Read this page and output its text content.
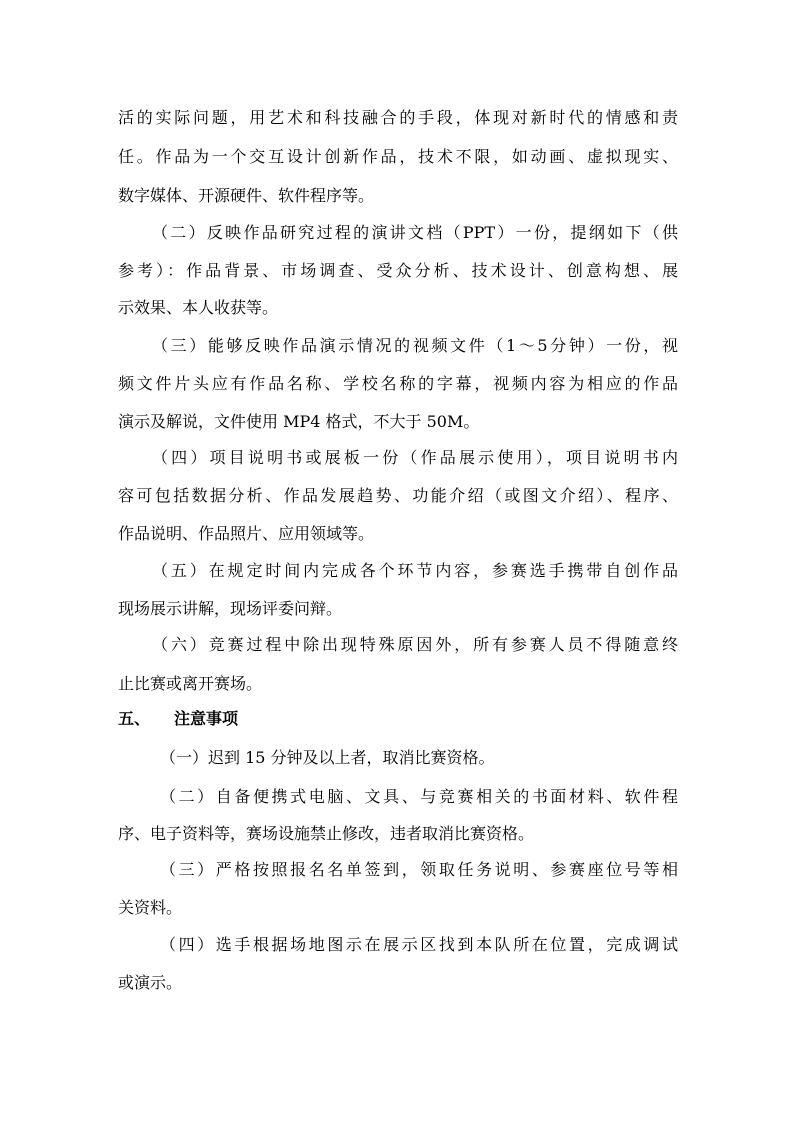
活的实际问题，用艺术和科技融合的手段，体现对新时代的情感和责
任。作品为一个交互设计创新作品，技术不限，如动画、虚拟现实、
数字媒体、开源硬件、软件程序等。
（二）反映作品研究过程的演讲文档（PPT）一份，提纲如下（供
参考）：作品背景、市场调查、受众分析、技术设计、创意构想、展
示效果、本人收获等。
（三）能够反映作品演示情况的视频文件（1～5分钟）一份，视
频文件片头应有作品名称、学校名称的字幕，视频内容为相应的作品
演示及解说，文件使用 MP4 格式，不大于 50M。
（四）项目说明书或展板一份（作品展示使用），项目说明书内
容可包括数据分析、作品发展趋势、功能介绍（或图文介绍）、程序、
作品说明、作品照片、应用领域等。
（五）在规定时间内完成各个环节内容，参赛选手携带自创作品
现场展示讲解，现场评委问辩。
（六）竞赛过程中除出现特殊原因外，所有参赛人员不得随意终
止比赛或离开赛场。
五、 注意事项
（一）迟到 15 分钟及以上者，取消比赛资格。
（二）自备便携式电脑、文具、与竞赛相关的书面材料、软件程
序、电子资料等，赛场设施禁止修改，违者取消比赛资格。
（三）严格按照报名名单签到，领取任务说明、参赛座位号等相
关资料。
（四）选手根据场地图示在展示区找到本队所在位置，完成调试
或演示。
